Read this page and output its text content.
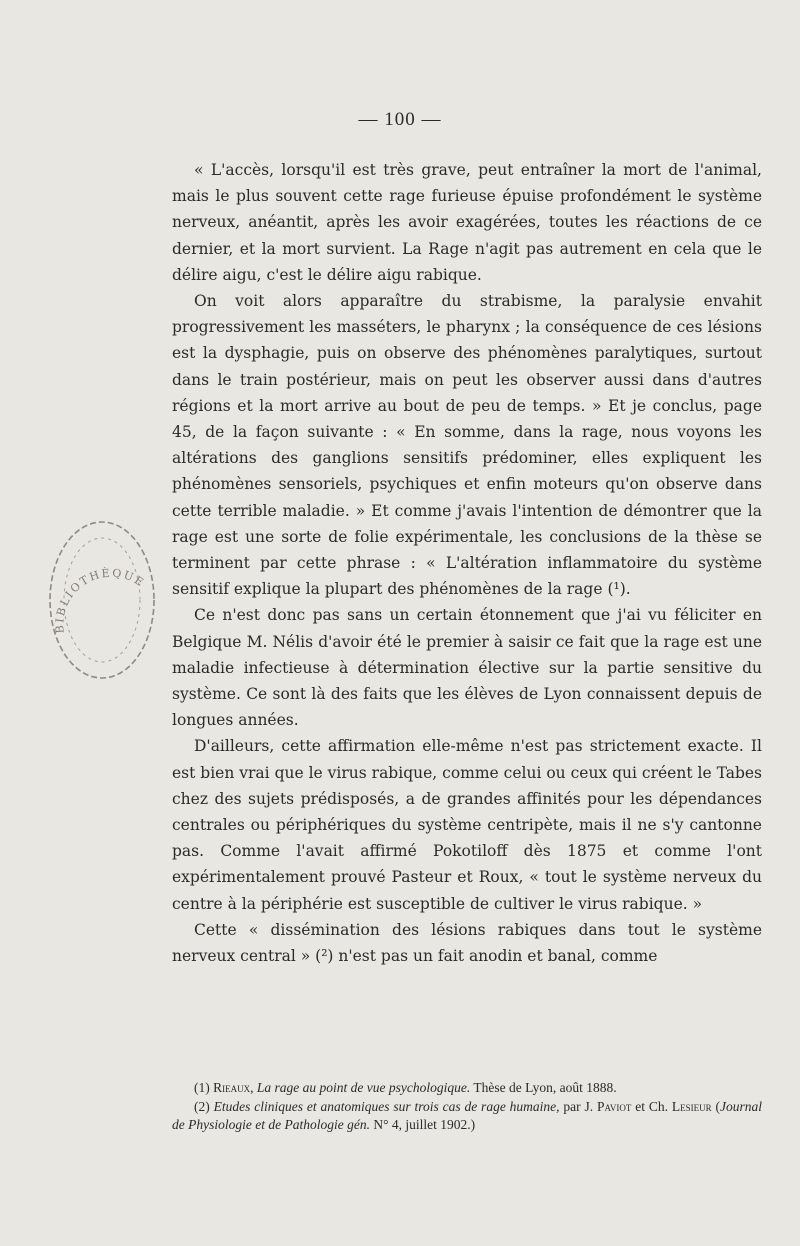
— 100 —
BIBLIOTHÈQUE

« L'accès, lorsqu'il est très grave, peut entraîner la mort de l'animal, mais le plus souvent cette rage furieuse épuise profondément le système nerveux, anéantit, après les avoir exagérées, toutes les réactions de ce dernier, et la mort survient. La Rage n'agit pas autrement en cela que le délire aigu, c'est le délire aigu rabique.

On voit alors apparaître du strabisme, la paralysie envahit progressivement les masséters, le pharynx ; la conséquence de ces lésions est la dysphagie, puis on observe des phénomènes paralytiques, surtout dans le train postérieur, mais on peut les observer aussi dans d'autres régions et la mort arrive au bout de peu de temps. » Et je conclus, page 45, de la façon suivante : « En somme, dans la rage, nous voyons les altérations des ganglions sensitifs prédominer, elles expliquent les phénomènes sensoriels, psychiques et enfin moteurs qu'on observe dans cette terrible maladie. » Et comme j'avais l'intention de démontrer que la rage est une sorte de folie expérimentale, les conclusions de la thèse se terminent par cette phrase : « L'altération inflammatoire du système sensitif explique la plupart des phénomènes de la rage (¹).

Ce n'est donc pas sans un certain étonnement que j'ai vu féliciter en Belgique M. Nélis d'avoir été le premier à saisir ce fait que la rage est une maladie infectieuse à détermination élective sur la partie sensitive du système. Ce sont là des faits que les élèves de Lyon connaissent depuis de longues années.

D'ailleurs, cette affirmation elle-même n'est pas strictement exacte. Il est bien vrai que le virus rabique, comme celui ou ceux qui créent le Tabes chez des sujets prédisposés, a de grandes affinités pour les dépendances centrales ou périphériques du système centripète, mais il ne s'y cantonne pas. Comme l'avait affirmé Pokotiloff dès 1875 et comme l'ont expérimentalement prouvé Pasteur et Roux, « tout le système nerveux du centre à la périphérie est susceptible de cultiver le virus rabique. »

Cette « dissémination des lésions rabiques dans tout le système nerveux central » (²) n'est pas un fait anodin et banal, comme

(1) Rieaux, La rage au point de vue psychologique. Thèse de Lyon, août 1888.

(2) Etudes cliniques et anatomiques sur trois cas de rage humaine, par J. Paviot et Ch. Lesieur (Journal de Physiologie et de Pathologie gén. N° 4, juillet 1902.)
